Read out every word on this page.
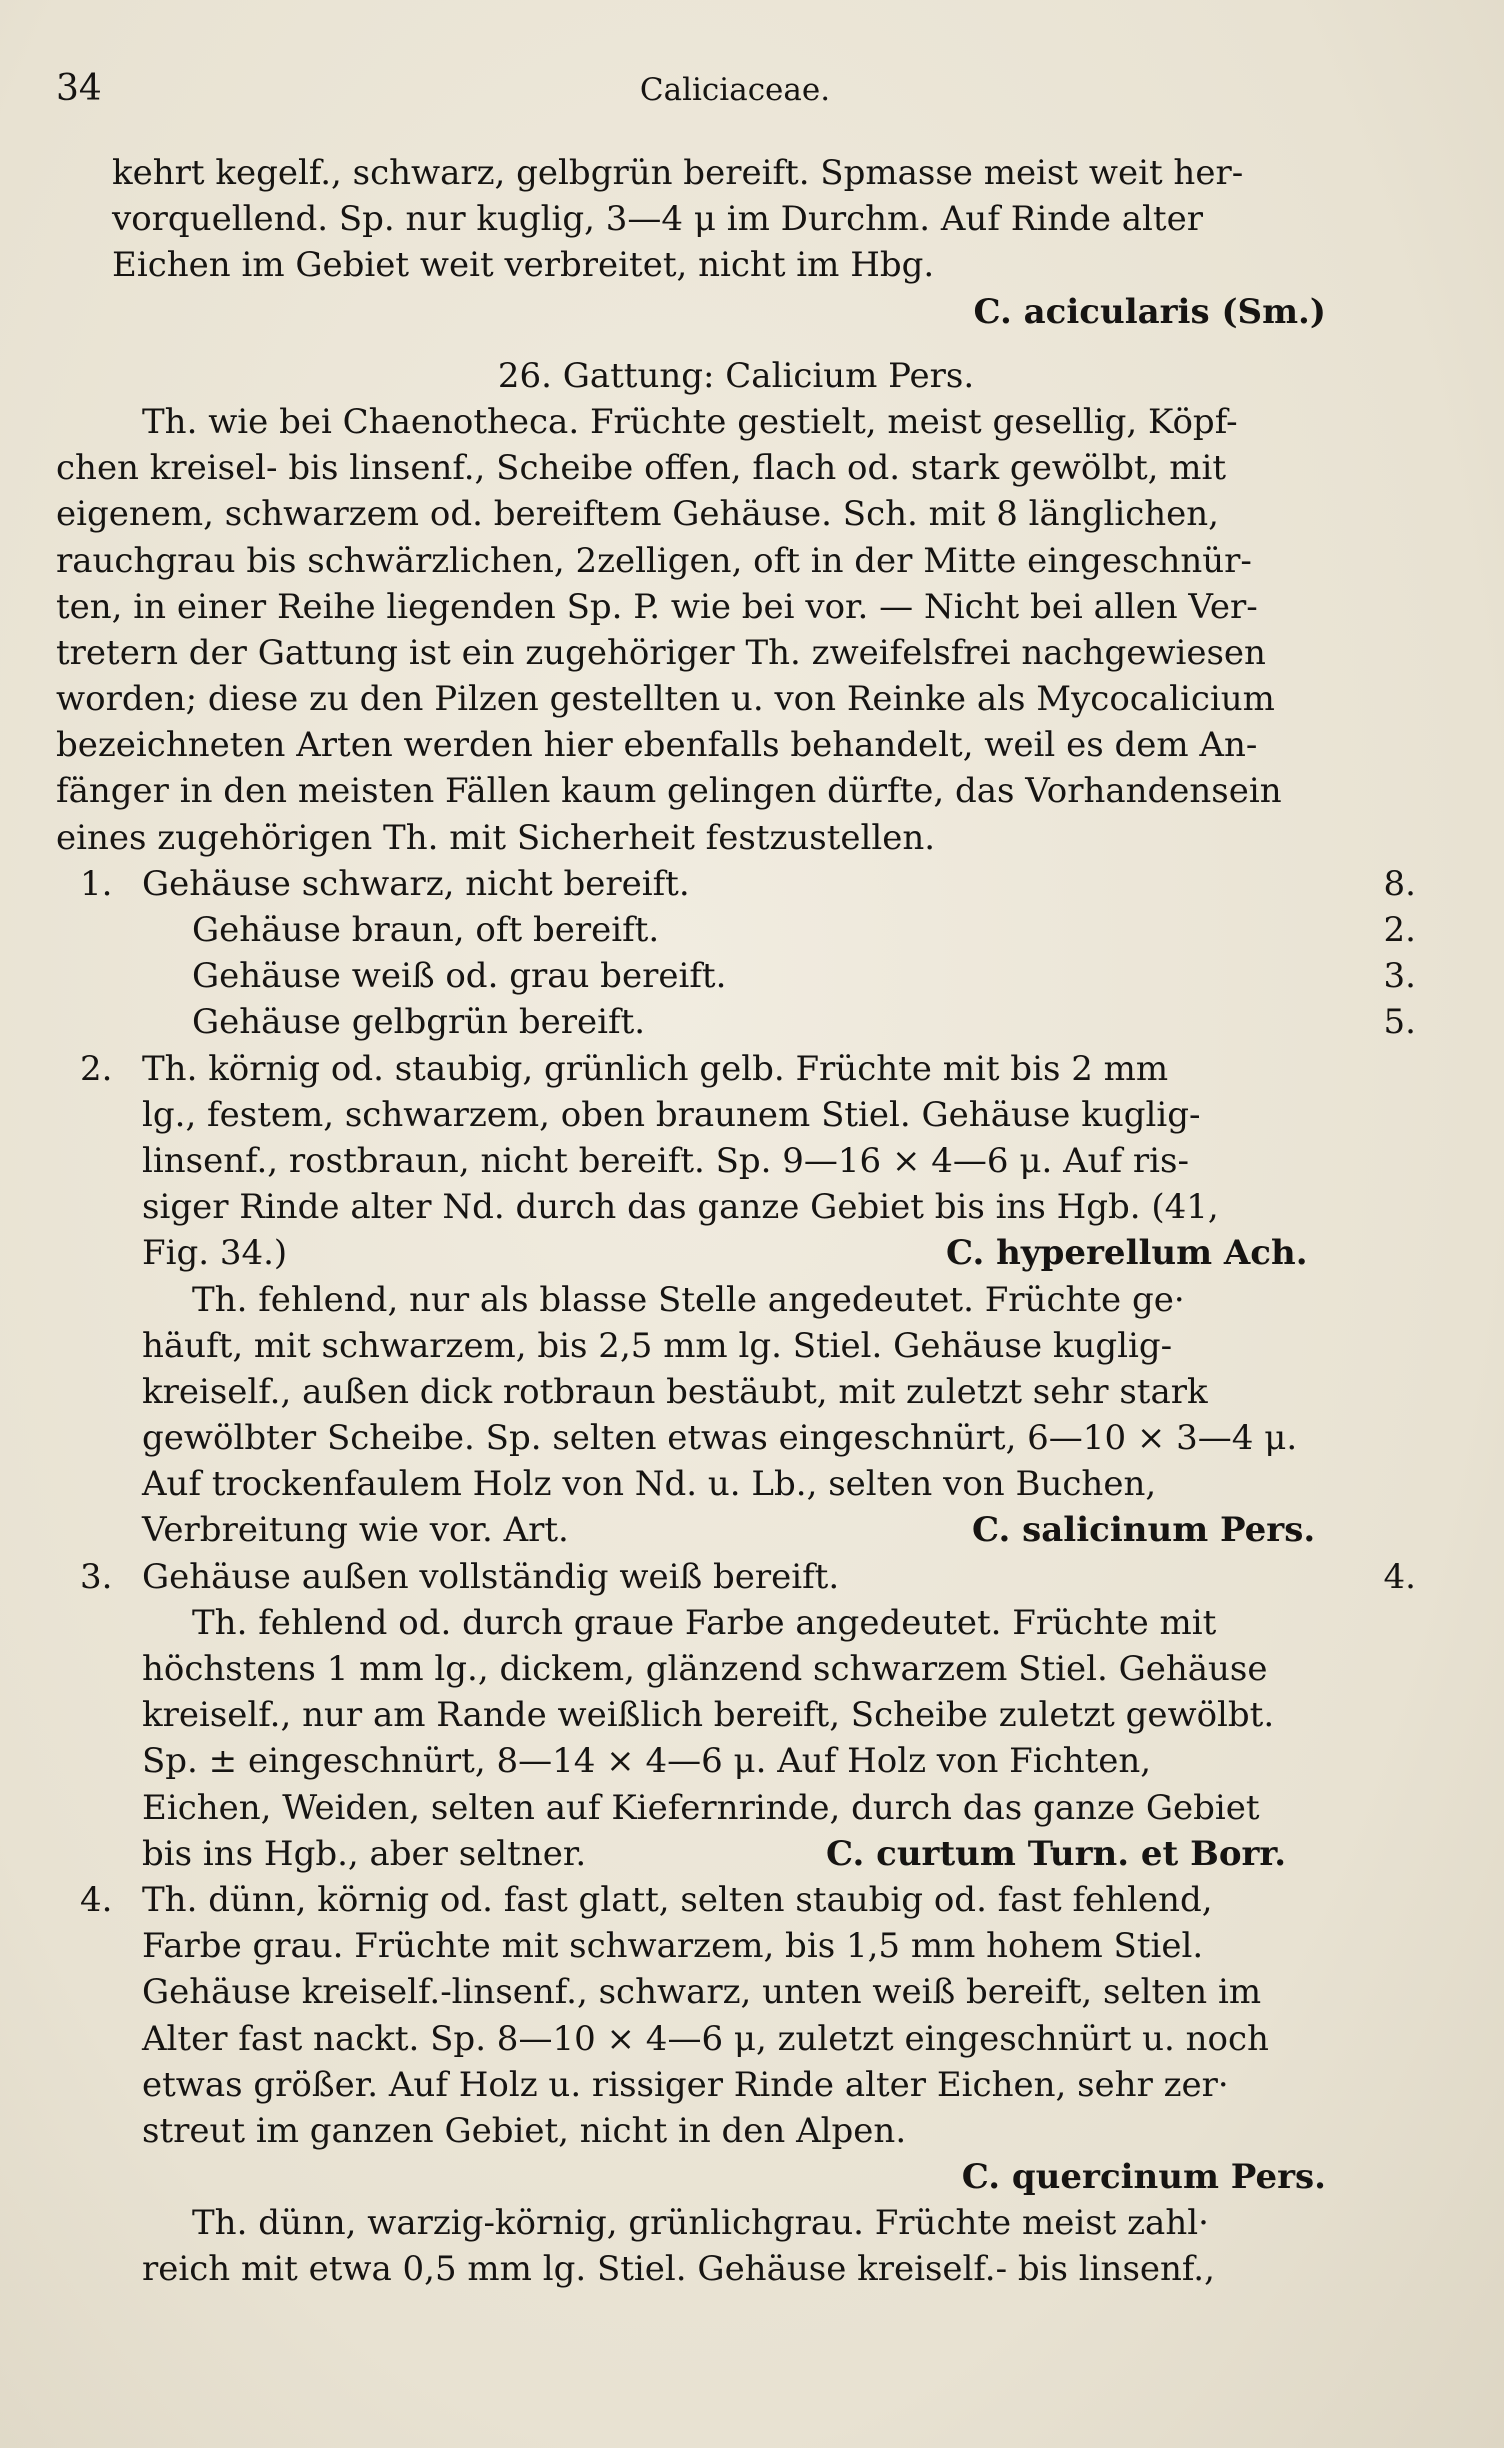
34	Caliciaceae.
kehrt kegelf., schwarz, gelbgrün bereift. Spmasse meist weit her-
vorquellend. Sp. nur kuglig, 3—4 μ im Durchm. Auf Rinde alter
Eichen im Gebiet weit verbreitet, nicht im Hbg.
C. acicularis (Sm.)
26. Gattung: Calicium Pers.
Th. wie bei Chaenotheca. Früchte gestielt, meist gesellig, Köpf-
chen kreisel- bis linsenf., Scheibe offen, flach od. stark gewölbt, mit
eigenem, schwarzem od. bereiftem Gehäuse. Sch. mit 8 länglichen,
rauchgrau bis schwärzlichen, 2zelligen, oft in der Mitte eingeschnür-
ten, in einer Reihe liegenden Sp. P. wie bei vor. — Nicht bei allen Ver-
tretern der Gattung ist ein zugehöriger Th. zweifelsfrei nachgewiesen
worden; diese zu den Pilzen gestellten u. von Reinke als Mycocalicium
bezeichneten Arten werden hier ebenfalls behandelt, weil es dem An-
fänger in den meisten Fällen kaum gelingen dürfte, das Vorhandensein
eines zugehörigen Th. mit Sicherheit festzustellen.
1. Gehäuse schwarz, nicht bereift.	8.
Gehäuse braun, oft bereift.	2.
Gehäuse weiß od. grau bereift.	3.
Gehäuse gelbgrün bereift.	5.
2. Th. körnig od. staubig, grünlich gelb. Früchte mit bis 2 mm
lg., festem, schwarzem, oben braunem Stiel. Gehäuse kuglig-
linsenf., rostbraun, nicht bereift. Sp. 9—16 × 4—6 μ. Auf ris-
siger Rinde alter Nd. durch das ganze Gebiet bis ins Hgb. (41,
Fig. 34.)	C. hyperellum Ach.
Th. fehlend, nur als blasse Stelle angedeutet. Früchte ge·
häuft, mit schwarzem, bis 2,5 mm lg. Stiel. Gehäuse kuglig-
kreiself., außen dick rotbraun bestäubt, mit zuletzt sehr stark
gewölbter Scheibe. Sp. selten etwas eingeschnürt, 6—10 × 3—4 μ.
Auf trockenfaulem Holz von Nd. u. Lb., selten von Buchen,
Verbreitung wie vor. Art.	C. salicinum Pers.
3. Gehäuse außen vollständig weiß bereift.	4.
Th. fehlend od. durch graue Farbe angedeutet. Früchte mit
höchstens 1 mm lg., dickem, glänzend schwarzem Stiel. Gehäuse
kreiself., nur am Rande weißlich bereift, Scheibe zuletzt gewölbt.
Sp. ± eingeschnürt, 8—14 × 4—6 μ. Auf Holz von Fichten,
Eichen, Weiden, selten auf Kiefernrinde, durch das ganze Gebiet
bis ins Hgb., aber seltner.	C. curtum Turn. et Borr.
4. Th. dünn, körnig od. fast glatt, selten staubig od. fast fehlend,
Farbe grau. Früchte mit schwarzem, bis 1,5 mm hohem Stiel.
Gehäuse kreiself.-linsenf., schwarz, unten weiß bereift, selten im
Alter fast nackt. Sp. 8—10 × 4—6 μ, zuletzt eingeschnürt u. noch
etwas größer. Auf Holz u. rissiger Rinde alter Eichen, sehr zer·
streut im ganzen Gebiet, nicht in den Alpen.
C. quercinum Pers.
Th. dünn, warzig-körnig, grünlichgrau. Früchte meist zahl·
reich mit etwa 0,5 mm lg. Stiel. Gehäuse kreiself.- bis linsenf.,
